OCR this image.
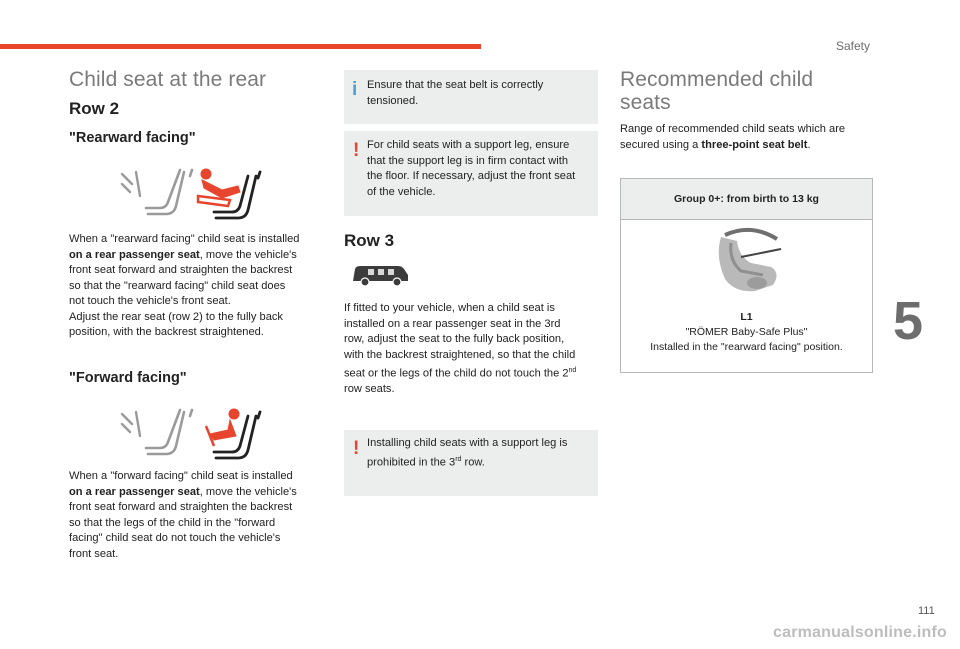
Safety
Child seat at the rear
Row 2
"Rearward facing"
When a "rearward facing" child seat is installed
on a rear passenger seat, move the vehicle's
front seat forward and straighten the backrest
so that the "rearward facing" child seat does
not touch the vehicle's front seat.
Adjust the rear seat (row 2) to the fully back
position, with the backrest straightened.
"Forward facing"
When a "forward facing" child seat is installed
on a rear passenger seat, move the vehicle's
front seat forward and straighten the backrest
so that the legs of the child in the "forward
facing" child seat do not touch the vehicle's
front seat.
i Ensure that the seat belt is correctly
tensioned.
! For child seats with a support leg, ensure
that the support leg is in firm contact with
the floor. If necessary, adjust the front seat
of the vehicle.
Row 3
If fitted to your vehicle, when a child seat is
installed on a rear passenger seat in the 3rd
row, adjust the seat to the fully back position,
with the backrest straightened, so that the child
seat or the legs of the child do not touch the 2nd
row seats.
! Installing child seats with a support leg is
prohibited in the 3rd row.
Recommended child
seats
Range of recommended child seats which are
secured using a three-point seat belt.
Group 0+: from birth to 13 kg
L1
"RÖMER Baby-Safe Plus"
Installed in the "rearward facing" position. 5
111
carmanualsonline.info
